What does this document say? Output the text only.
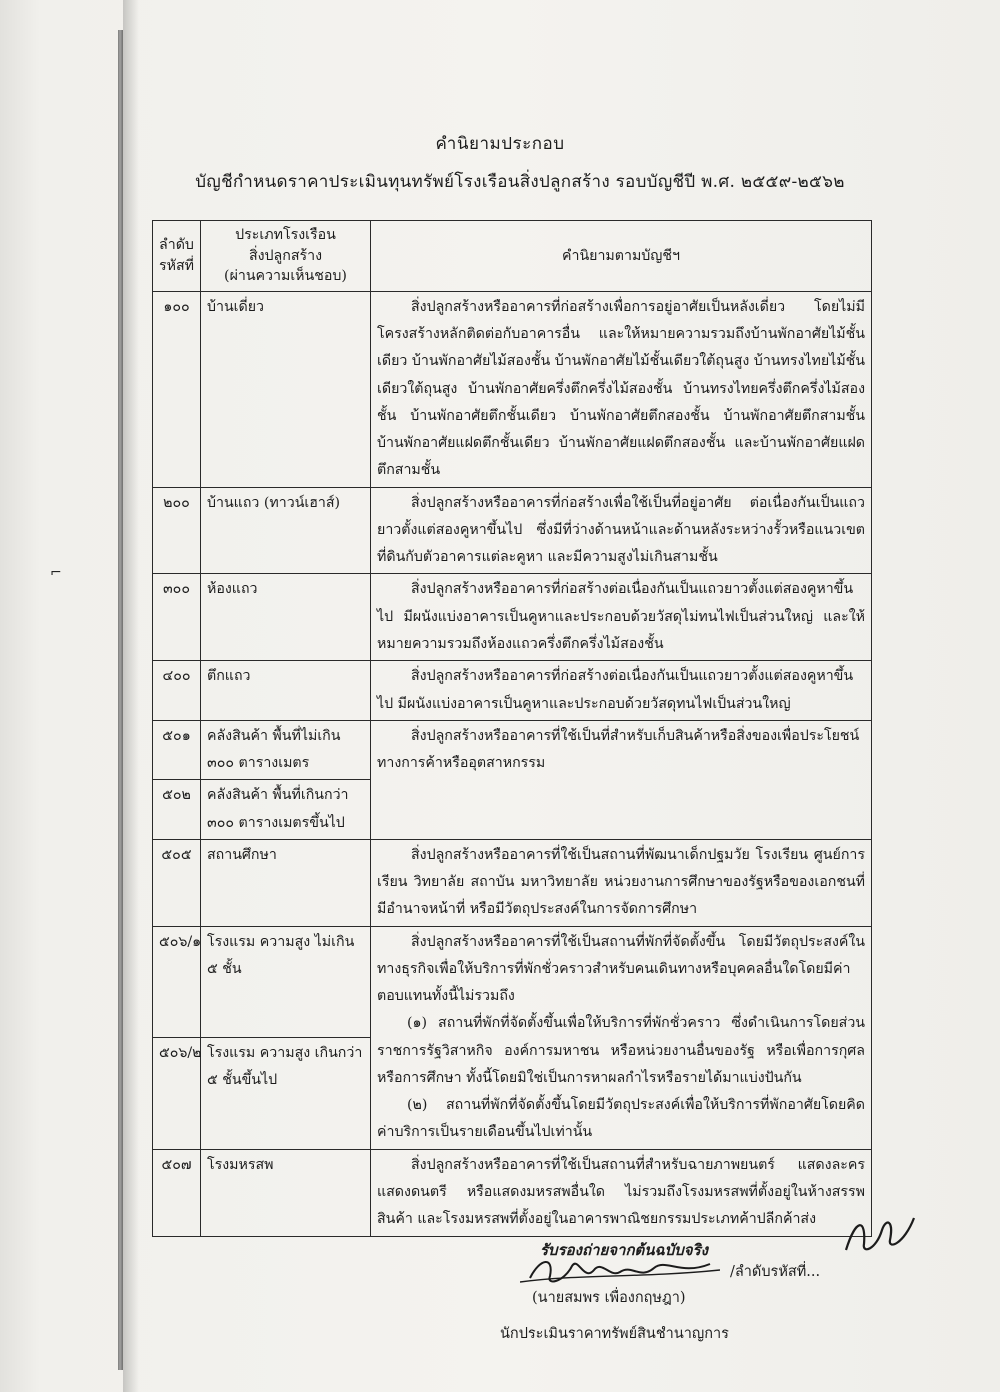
⌐
คำนิยามประกอบ
บัญชีกำหนดราคาประเมินทุนทรัพย์โรงเรือนสิ่งปลูกสร้าง รอบบัญชีปี พ.ศ. ๒๕๕๙-๒๕๖๒
ลำดับ รหัสที่	ประเภทโรงเรือน
สิ่งปลูกสร้าง
(ผ่านความเห็นชอบ)	คำนิยามตามบัญชีฯ
๑๐๐	บ้านเดี่ยว	สิ่งปลูกสร้างหรืออาคารที่ก่อสร้างเพื่อการอยู่อาศัยเป็นหลังเดี่ยว โดยไม่มีโครงสร้างหลักติดต่อกับอาคารอื่น และให้หมายความรวมถึงบ้านพักอาศัยไม้ชั้นเดียว บ้านพักอาศัยไม้สองชั้น บ้านพักอาศัยไม้ชั้นเดียวใต้ถุนสูง บ้านทรงไทยไม้ชั้นเดียวใต้ถุนสูง บ้านพักอาศัยครึ่งตึกครึ่งไม้สองชั้น บ้านทรงไทยครึ่งตึกครึ่งไม้สองชั้น บ้านพักอาศัยตึกชั้นเดียว บ้านพักอาศัยตึกสองชั้น บ้านพักอาศัยตึกสามชั้น บ้านพักอาศัยแฝดตึกชั้นเดียว บ้านพักอาศัยแฝดตึกสองชั้น และบ้านพักอาศัยแฝดตึกสามชั้น
๒๐๐	บ้านแถว (ทาวน์เฮาส์)	สิ่งปลูกสร้างหรืออาคารที่ก่อสร้างเพื่อใช้เป็นที่อยู่อาศัย ต่อเนื่องกันเป็นแถวยาวตั้งแต่สองคูหาขึ้นไป ซึ่งมีที่ว่างด้านหน้าและด้านหลังระหว่างรั้วหรือแนวเขตที่ดินกับตัวอาคารแต่ละคูหา และมีความสูงไม่เกินสามชั้น
๓๐๐	ห้องแถว	สิ่งปลูกสร้างหรืออาคารที่ก่อสร้างต่อเนื่องกันเป็นแถวยาวตั้งแต่สองคูหาขึ้นไป มีผนังแบ่งอาคารเป็นคูหาและประกอบด้วยวัสดุไม่ทนไฟเป็นส่วนใหญ่ และให้หมายความรวมถึงห้องแถวครึ่งตึกครึ่งไม้สองชั้น
๔๐๐	ตึกแถว	สิ่งปลูกสร้างหรืออาคารที่ก่อสร้างต่อเนื่องกันเป็นแถวยาวตั้งแต่สองคูหาขึ้นไป มีผนังแบ่งอาคารเป็นคูหาและประกอบด้วยวัสดุทนไฟเป็นส่วนใหญ่
๕๐๑	คลังสินค้า พื้นที่ไม่เกิน ๓๐๐ ตารางเมตร	สิ่งปลูกสร้างหรืออาคารที่ใช้เป็นที่สำหรับเก็บสินค้าหรือสิ่งของเพื่อประโยชน์ทางการค้าหรืออุตสาหกรรม
๕๐๒	คลังสินค้า พื้นที่เกินกว่า ๓๐๐ ตารางเมตรขึ้นไป	
๕๐๕	สถานศึกษา	สิ่งปลูกสร้างหรืออาคารที่ใช้เป็นสถานที่พัฒนาเด็กปฐมวัย โรงเรียน ศูนย์การเรียน วิทยาลัย สถาบัน มหาวิทยาลัย หน่วยงานการศึกษาของรัฐหรือของเอกชนที่มีอำนาจหน้าที่ หรือมีวัตถุประสงค์ในการจัดการศึกษา
๕๐๖/๑	โรงแรม ความสูง ไม่เกิน ๕ ชั้น	สิ่งปลูกสร้างหรืออาคารที่ใช้เป็นสถานที่พักที่จัดตั้งขึ้น โดยมีวัตถุประสงค์ในทางธุรกิจเพื่อให้บริการที่พักชั่วคราวสำหรับคนเดินทางหรือบุคคลอื่นใดโดยมีค่าตอบแทนทั้งนี้ไม่รวมถึง
(๑) สถานที่พักที่จัดตั้งขึ้นเพื่อให้บริการที่พักชั่วคราว ซึ่งดำเนินการโดยส่วนราชการรัฐวิสาหกิจ องค์การมหาชน หรือหน่วยงานอื่นของรัฐ หรือเพื่อการกุศล หรือการศึกษา ทั้งนี้โดยมิใช่เป็นการหาผลกำไรหรือรายได้มาแบ่งปันกัน
(๒) สถานที่พักที่จัดตั้งขึ้นโดยมีวัตถุประสงค์เพื่อให้บริการที่พักอาศัยโดยคิดค่าบริการเป็นรายเดือนขึ้นไปเท่านั้น

๕๐๖/๒	โรงแรม ความสูง เกินกว่า ๕ ชั้นขึ้นไป	
๕๐๗	โรงมหรสพ	สิ่งปลูกสร้างหรืออาคารที่ใช้เป็นสถานที่สำหรับฉายภาพยนตร์ แสดงละคร แสดงดนตรี หรือแสดงมหรสพอื่นใด ไม่รวมถึงโรงมหรสพที่ตั้งอยู่ในห้างสรรพสินค้า และโรงมหรสพที่ตั้งอยู่ในอาคารพาณิชยกรรมประเภทค้าปลีกค้าส่ง
รับรองถ่ายจากต้นฉบับจริง
/ลำดับรหัสที่...
(นายสมพร เพื่องกฤษฎา)
นักประเมินราคาทรัพย์สินชำนาญการ
